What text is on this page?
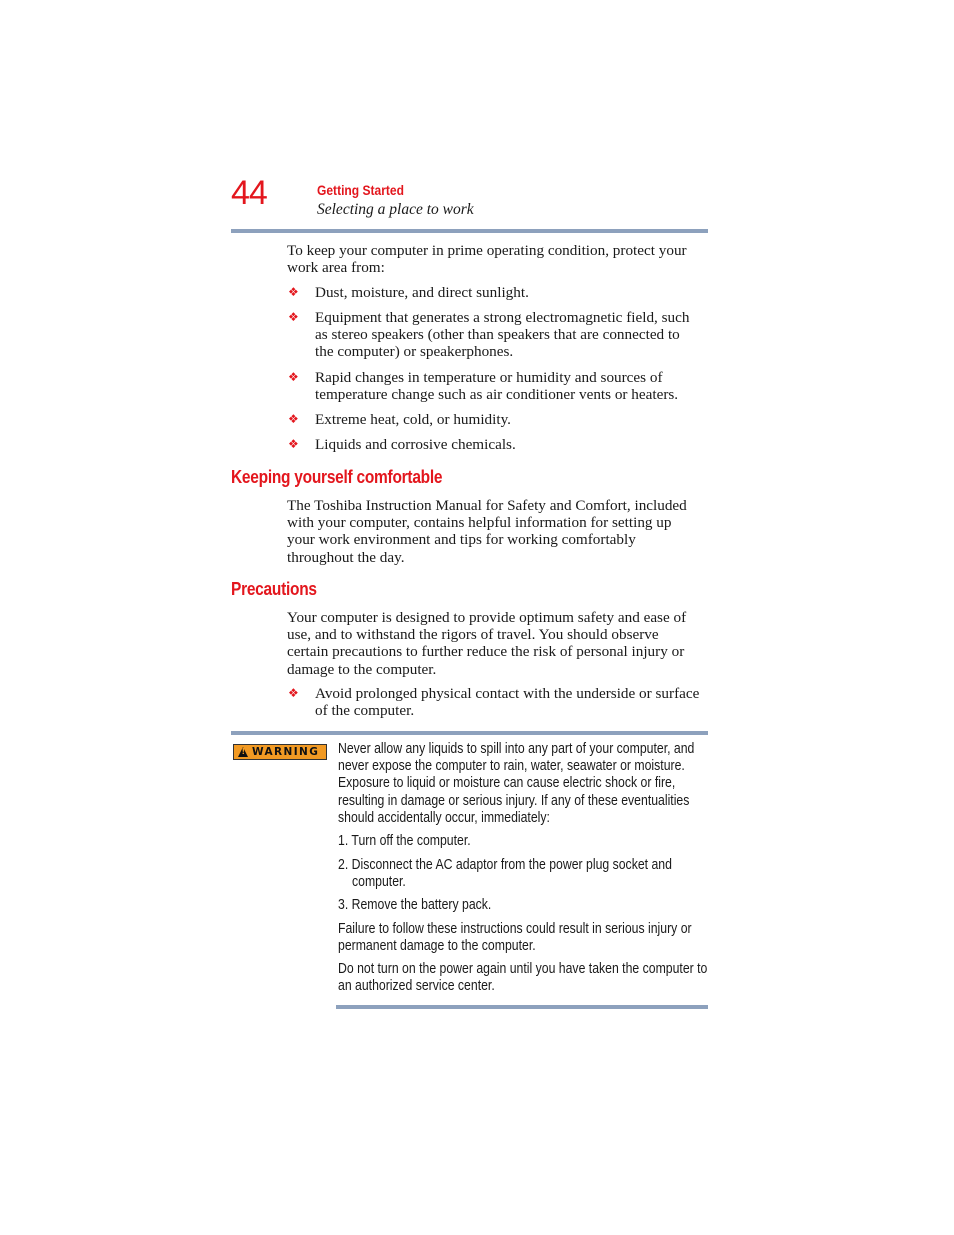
44	Getting Started
Selecting a place to work
To keep your computer in prime operating condition, protect your
work area from:
❖ Dust, moisture, and direct sunlight.
❖ Equipment that generates a strong electromagnetic field, such
as stereo speakers (other than speakers that are connected to
the computer) or speakerphones.
❖ Rapid changes in temperature or humidity and sources of
temperature change such as air conditioner vents or heaters.
❖ Extreme heat, cold, or humidity.
❖ Liquids and corrosive chemicals.
Keeping yourself comfortable
The Toshiba Instruction Manual for Safety and Comfort, included
with your computer, contains helpful information for setting up
your work environment and tips for working comfortably
throughout the day.
Precautions
Your computer is designed to provide optimum safety and ease of
use, and to withstand the rigors of travel. You should observe
certain precautions to further reduce the risk of personal injury or
damage to the computer.
❖ Avoid prolonged physical contact with the underside or surface
of the computer.
!
WARNING Never allow any liquids to spill into any part of your computer, and
never expose the computer to rain, water, seawater or moisture.
Exposure to liquid or moisture can cause electric shock or fire,
resulting in damage or serious injury. If any of these eventualities
should accidentally occur, immediately:
1. Turn off the computer.
2. Disconnect the AC adaptor from the power plug socket and
computer.
3. Remove the battery pack.
Failure to follow these instructions could result in serious injury or
permanent damage to the computer.
Do not turn on the power again until you have taken the computer to
an authorized service center.
